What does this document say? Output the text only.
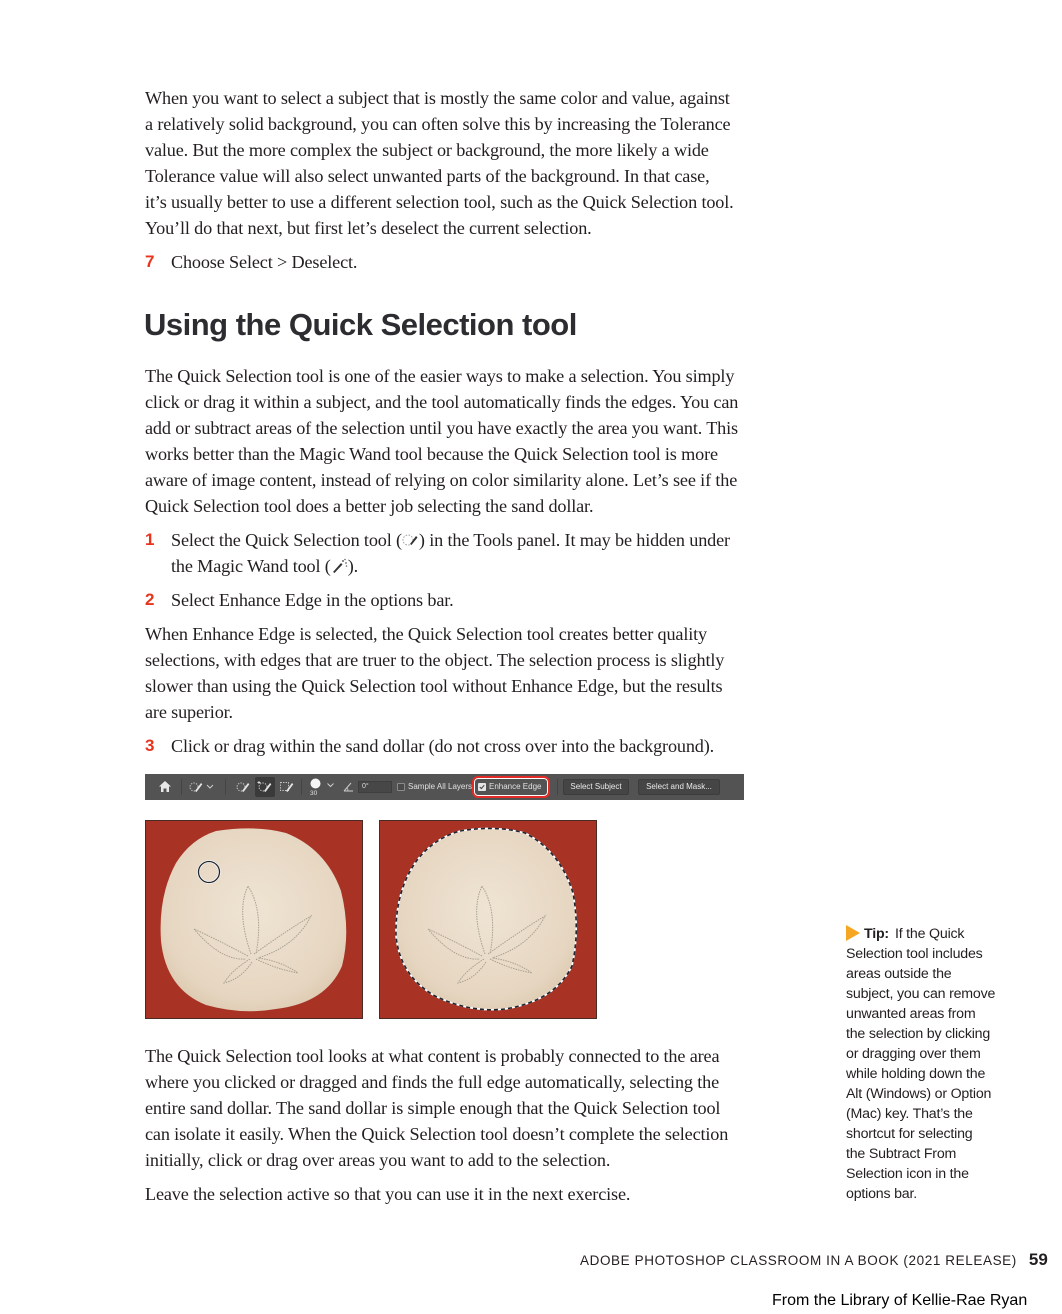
When you want to select a subject that is mostly the same color and value, against
a relatively solid background, you can often solve this by increasing the Tolerance
value. But the more complex the subject or background, the more likely a wide
Tolerance value will also select unwanted parts of the background. In that case,
it’s usually better to use a different selection tool, such as the Quick Selection tool.
You’ll do that next, but first let’s deselect the current selection.
7 Choose Select > Deselect.
Using the Quick Selection tool
The Quick Selection tool is one of the easier ways to make a selection. You simply
click or drag it within a subject, and the tool automatically finds the edges. You can
add or subtract areas of the selection until you have exactly the area you want. This
works better than the Magic Wand tool because the Quick Selection tool is more
aware of image content, instead of relying on color similarity alone. Let’s see if the
Quick Selection tool does a better job selecting the sand dollar.
1 Select the Quick Selection tool ( ) in the Tools panel. It may be hidden under
the Magic Wand tool ( ).
2 Select Enhance Edge in the options bar.
When Enhance Edge is selected, the Quick Selection tool creates better quality
selections, with edges that are truer to the object. The selection process is slightly
slower than using the Quick Selection tool without Enhance Edge, but the results
are superior.
3 Click or drag within the sand dollar (do not cross over into the background).
30
0°	Sample All Layers Enhance Edge	Select Subject	Select and Mask...
The Quick Selection tool looks at what content is probably connected to the area
where you clicked or dragged and finds the full edge automatically, selecting the
entire sand dollar. The sand dollar is simple enough that the Quick Selection tool
can isolate it easily. When the Quick Selection tool doesn’t complete the selection
initially, click or drag over areas you want to add to the selection.
Leave the selection active so that you can use it in the next exercise.
Tip: If the Quick
Selection tool includes
areas outside the
subject, you can remove
unwanted areas from
the selection by clicking
or dragging over them
while holding down the
Alt (Windows) or Option
(Mac) key. That’s the
shortcut for selecting
the Subtract From
Selection icon in the
options bar.
ADOBE PHOTOSHOP CLASSROOM IN A BOOK (2021 RELEASE) 59
From the Library of Kellie-Rae Ryan
